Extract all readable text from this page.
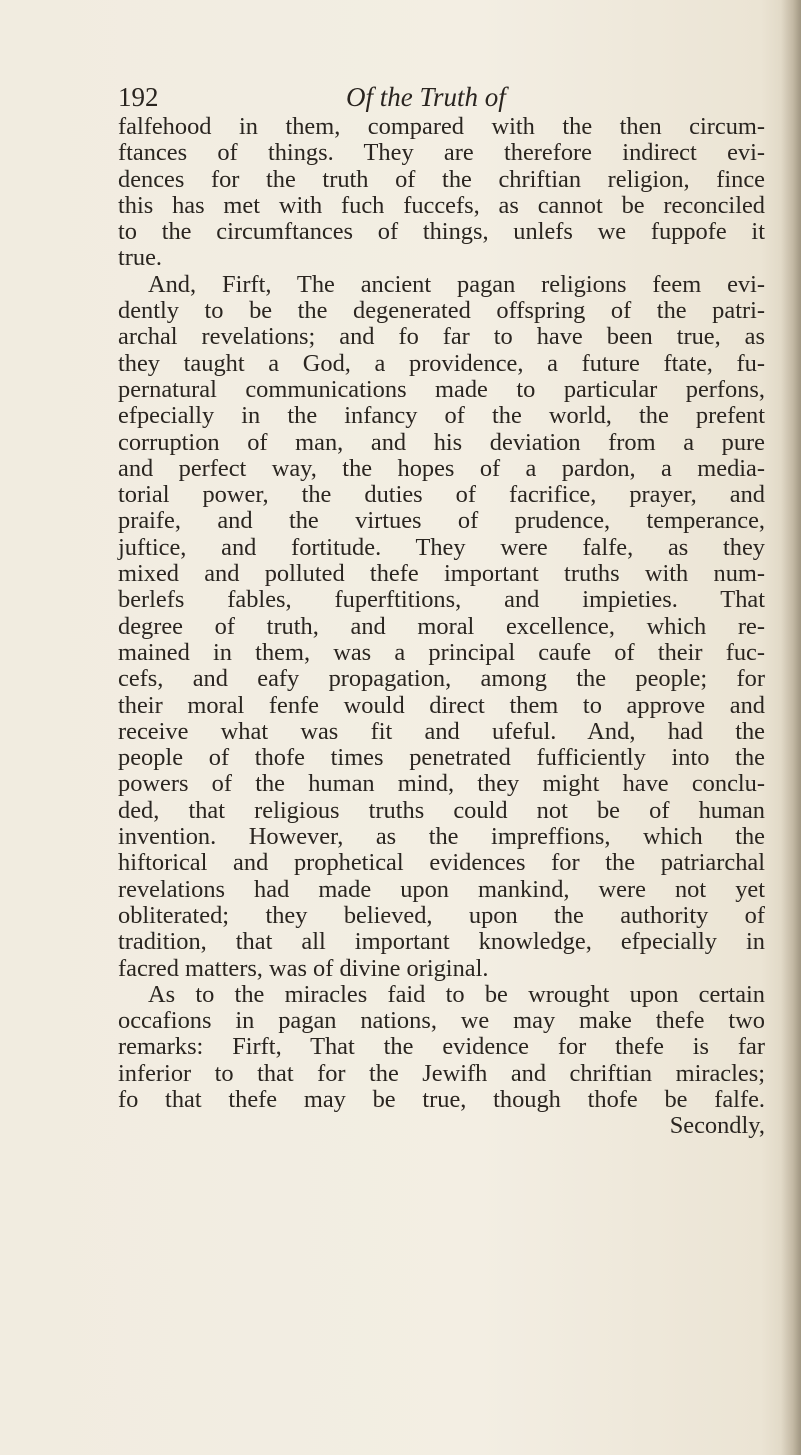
192	Of the Truth of
falfehood in them, compared with the then circum-
ftances of things. They are therefore indirect evi-
dences for the truth of the chriftian religion, fince
this has met with fuch fuccefs, as cannot be reconciled
to the circumftances of things, unlefs we fuppofe it
true.
And, Firft, The ancient pagan religions feem evi-
dently to be the degenerated offspring of the patri-
archal revelations; and fo far to have been true, as
they taught a God, a providence, a future ftate, fu-
pernatural communications made to particular perfons,
efpecially in the infancy of the world, the prefent
corruption of man, and his deviation from a pure
and perfect way, the hopes of a pardon, a media-
torial power, the duties of facrifice, prayer, and
praife, and the virtues of prudence, temperance,
juftice, and fortitude. They were falfe, as they
mixed and polluted thefe important truths with num-
berlefs fables, fuperftitions, and impieties. That
degree of truth, and moral excellence, which re-
mained in them, was a principal caufe of their fuc-
cefs, and eafy propagation, among the people; for
their moral fenfe would direct them to approve and
receive what was fit and ufeful. And, had the
people of thofe times penetrated fufficiently into the
powers of the human mind, they might have conclu-
ded, that religious truths could not be of human
invention. However, as the impreffions, which the
hiftorical and prophetical evidences for the patriarchal
revelations had made upon mankind, were not yet
obliterated; they believed, upon the authority of
tradition, that all important knowledge, efpecially in
facred matters, was of divine original.
As to the miracles faid to be wrought upon certain
occafions in pagan nations, we may make thefe two
remarks: Firft, That the evidence for thefe is far
inferior to that for the Jewifh and chriftian miracles;
fo that thefe may be true, though thofe be falfe.
Secondly,
